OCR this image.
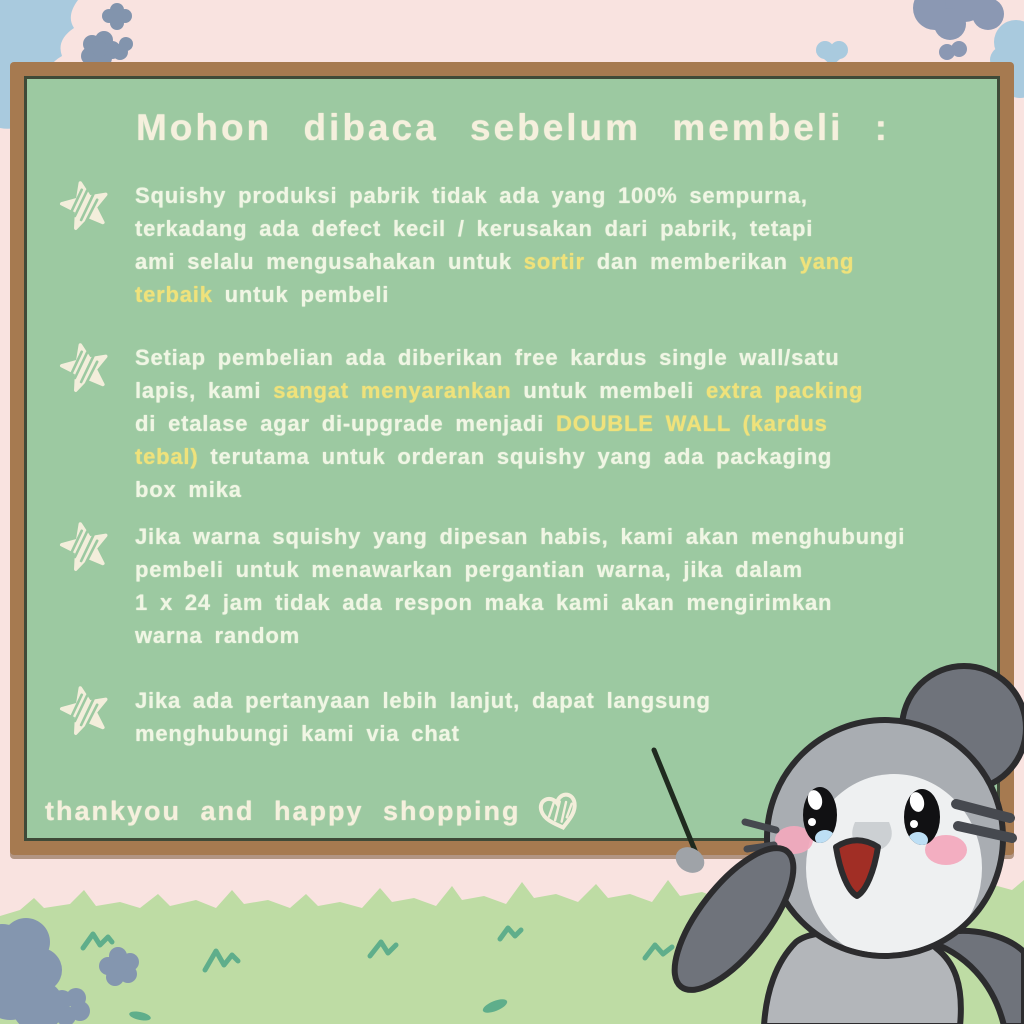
Mohon dibaca sebelum membeli :
Squishy produksi pabrik tidak ada yang 100% sempurna,
terkadang ada defect kecil / kerusakan dari pabrik, tetapi
ami selalu mengusahakan untuk sortir dan memberikan yang
terbaik untuk pembeli
Setiap pembelian ada diberikan free kardus single wall/satu
lapis, kami sangat menyarankan untuk membeli extra packing
di etalase agar di-upgrade menjadi DOUBLE WALL (kardus
tebal) terutama untuk orderan squishy yang ada packaging
box mika
Jika warna squishy yang dipesan habis, kami akan menghubungi
pembeli untuk menawarkan pergantian warna, jika dalam
1 x 24 jam tidak ada respon maka kami akan mengirimkan
warna random
Jika ada pertanyaan lebih lanjut, dapat langsung
menghubungi kami via chat
thankyou and happy shopping
